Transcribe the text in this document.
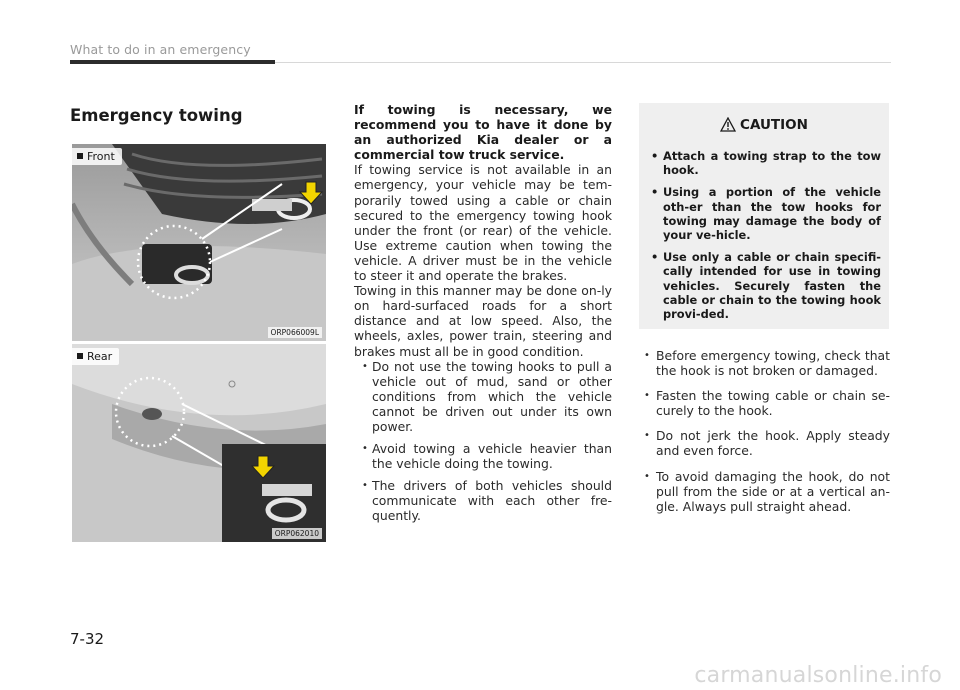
What to do in an emergency
Emergency towing
Front
ORP066009L
Rear
ORP062010

If towing is necessary, we recommend you to have it done by an authorized Kia dealer or a commercial tow truck service.

If towing service is not available in an emergency, your vehicle may be tem-porarily towed using a cable or chain secured to the emergency towing hook under the front (or rear) of the vehicle. Use extreme caution when towing the vehicle. A driver must be in the vehicle to steer it and operate the brakes.

Towing in this manner may be done on-ly on hard-surfaced roads for a short distance and at low speed. Also, the wheels, axles, power train, steering and brakes must all be in good condition.

• Do not use the towing hooks to pull a vehicle out of mud, sand or other conditions from which the vehicle cannot be driven out under its own power.
• Avoid towing a vehicle heavier than the vehicle doing the towing.
• The drivers of both vehicles should communicate with each other fre-quently.
CAUTION
• Attach a towing strap to the tow hook.
• Using a portion of the vehicle oth-er than the tow hooks for towing may damage the body of your ve-hicle.
• Use only a cable or chain specifi-cally intended for use in towing vehicles. Securely fasten the cable or chain to the towing hook provi-ded.
• Before emergency towing, check that the hook is not broken or damaged.
• Fasten the towing cable or chain se-curely to the hook.
• Do not jerk the hook. Apply steady and even force.
• To avoid damaging the hook, do not pull from the side or at a vertical an-gle. Always pull straight ahead.
7-32
carmanualsonline.info
